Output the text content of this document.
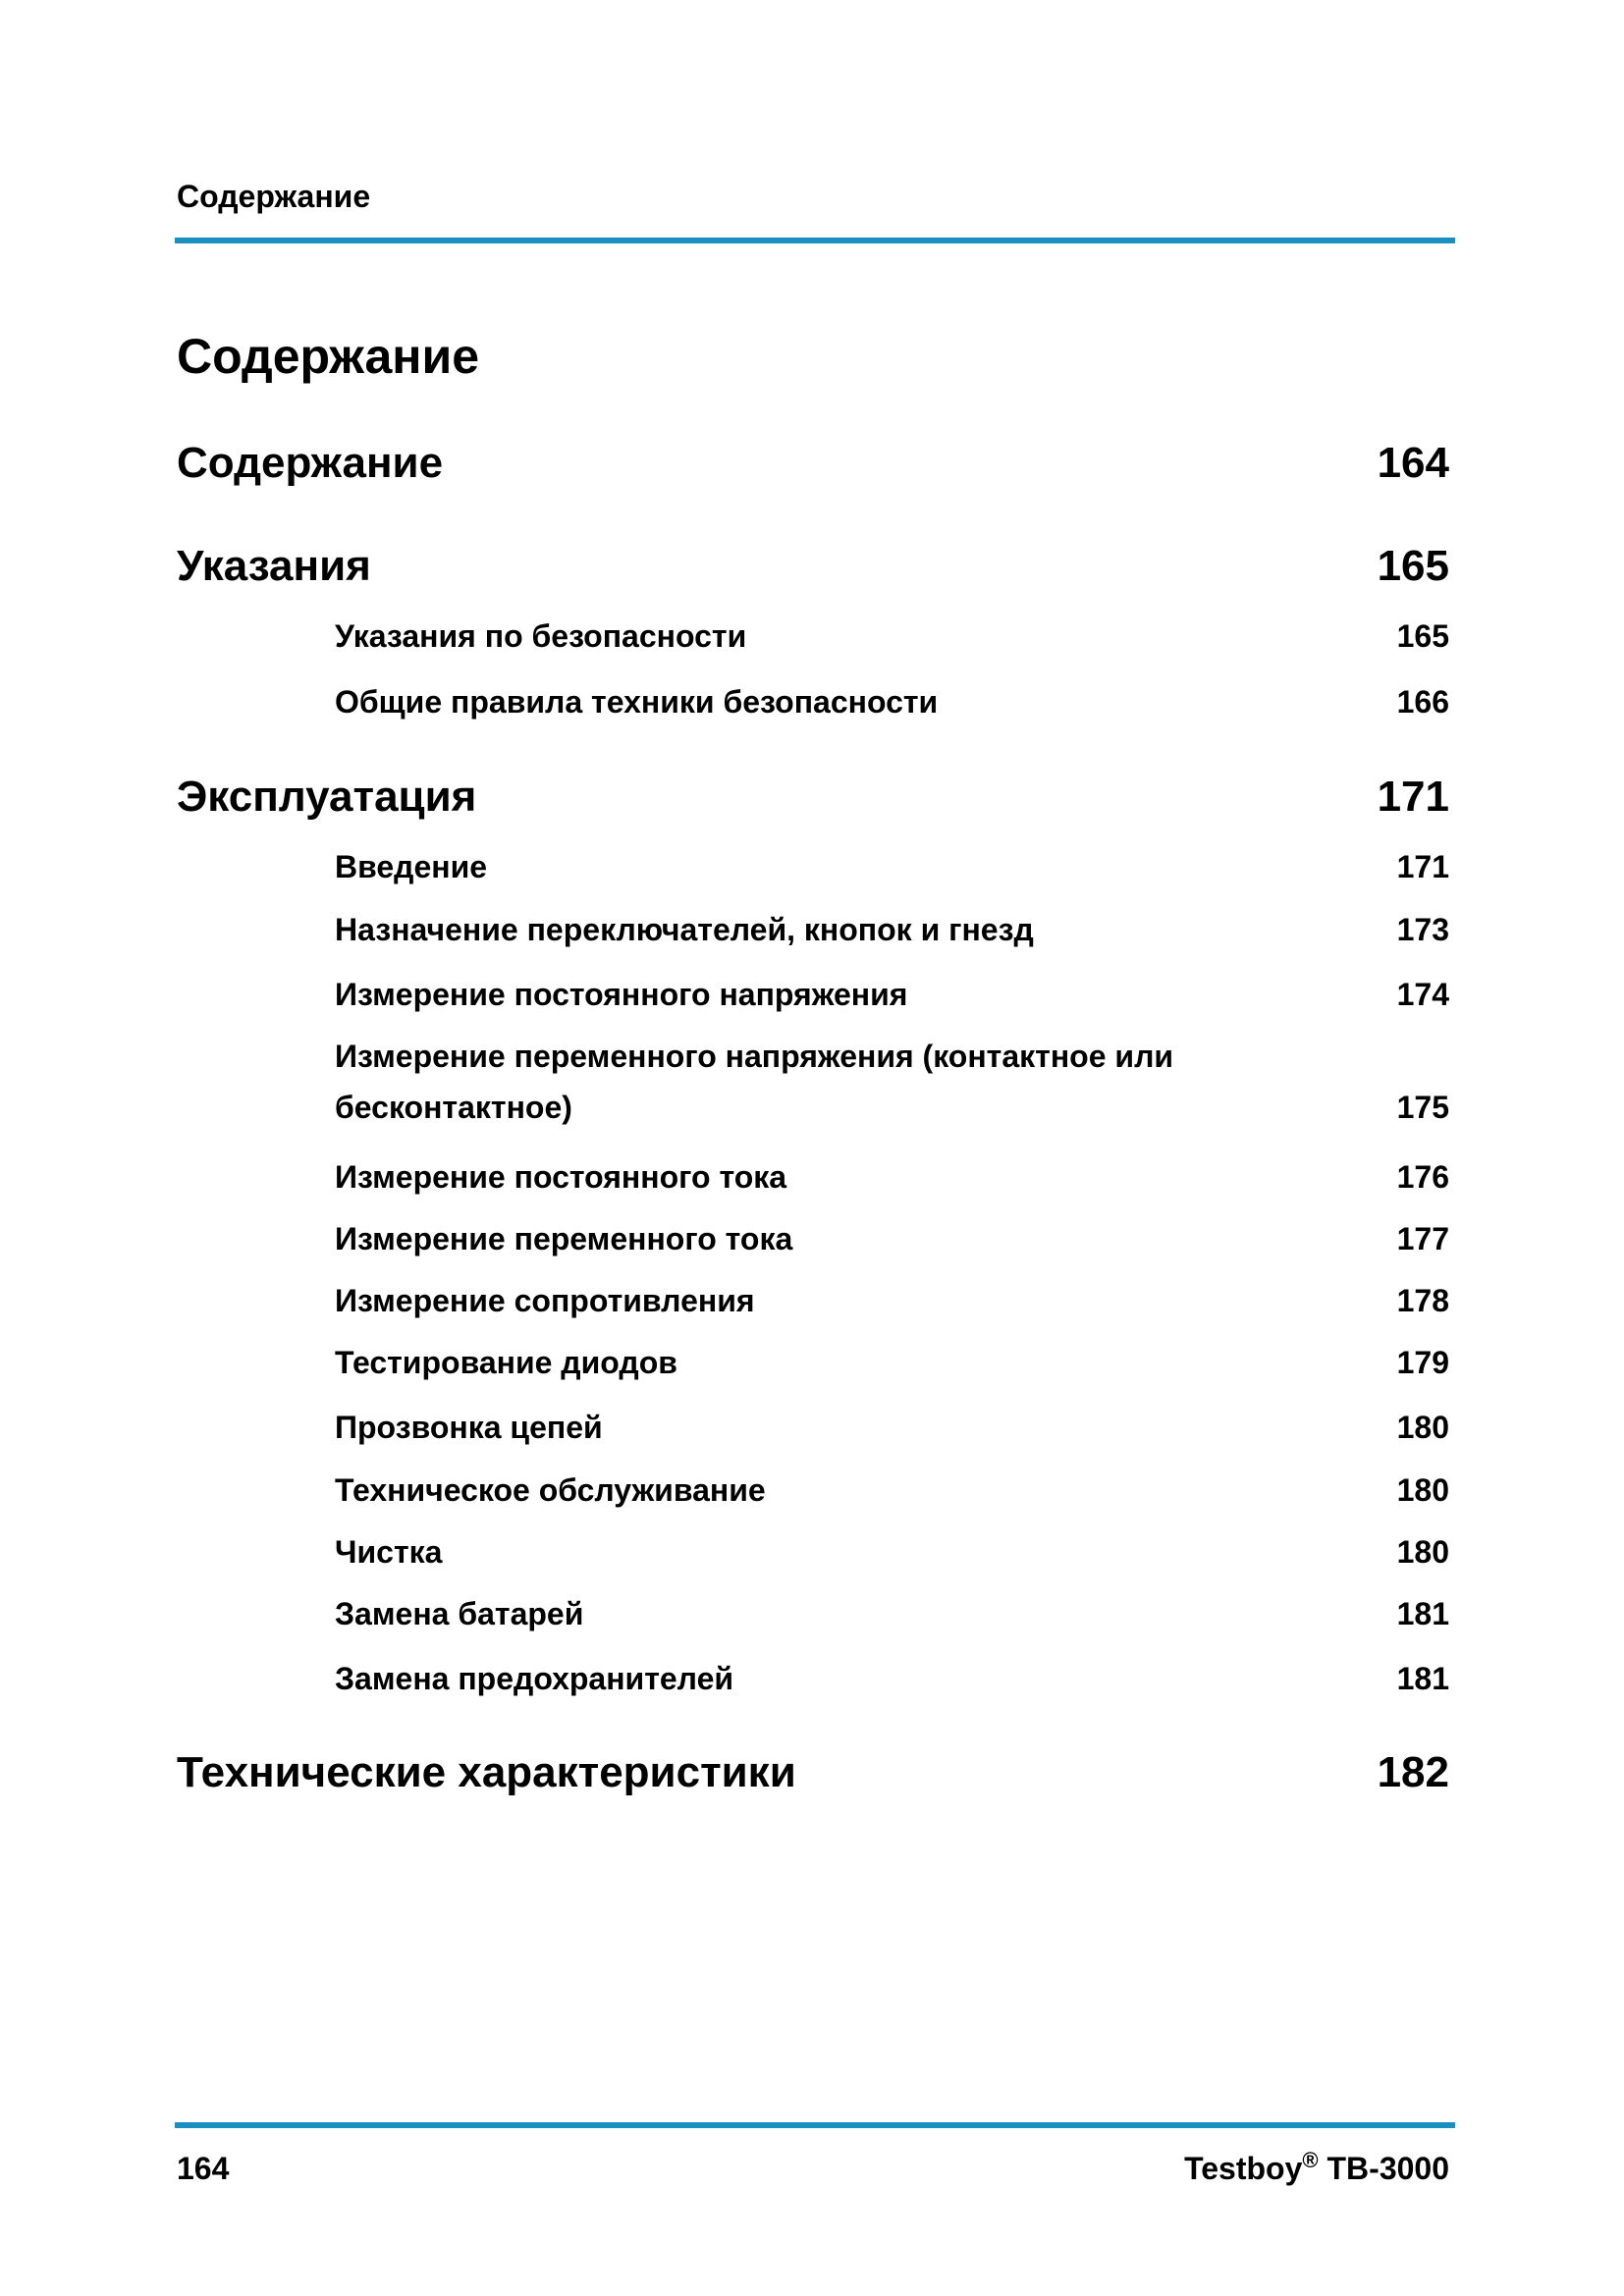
Содержание
Содержание
Содержание	164
Указания	165
Указания по безопасности	165
Общие правила техники безопасности	166
Эксплуатация	171
Введение	171
Назначение переключателей, кнопок и гнезд	173
Измерение постоянного напряжения	174
Измерение переменного напряжения (контактное или бесконтактное)	175
Измерение постоянного тока	176
Измерение переменного тока	177
Измерение сопротивления	178
Тестирование диодов	179
Прозвонка цепей	180
Техническое обслуживание	180
Чистка	180
Замена батарей	181
Замена предохранителей	181
Технические характеристики	182
164	Testboy® TB-3000
